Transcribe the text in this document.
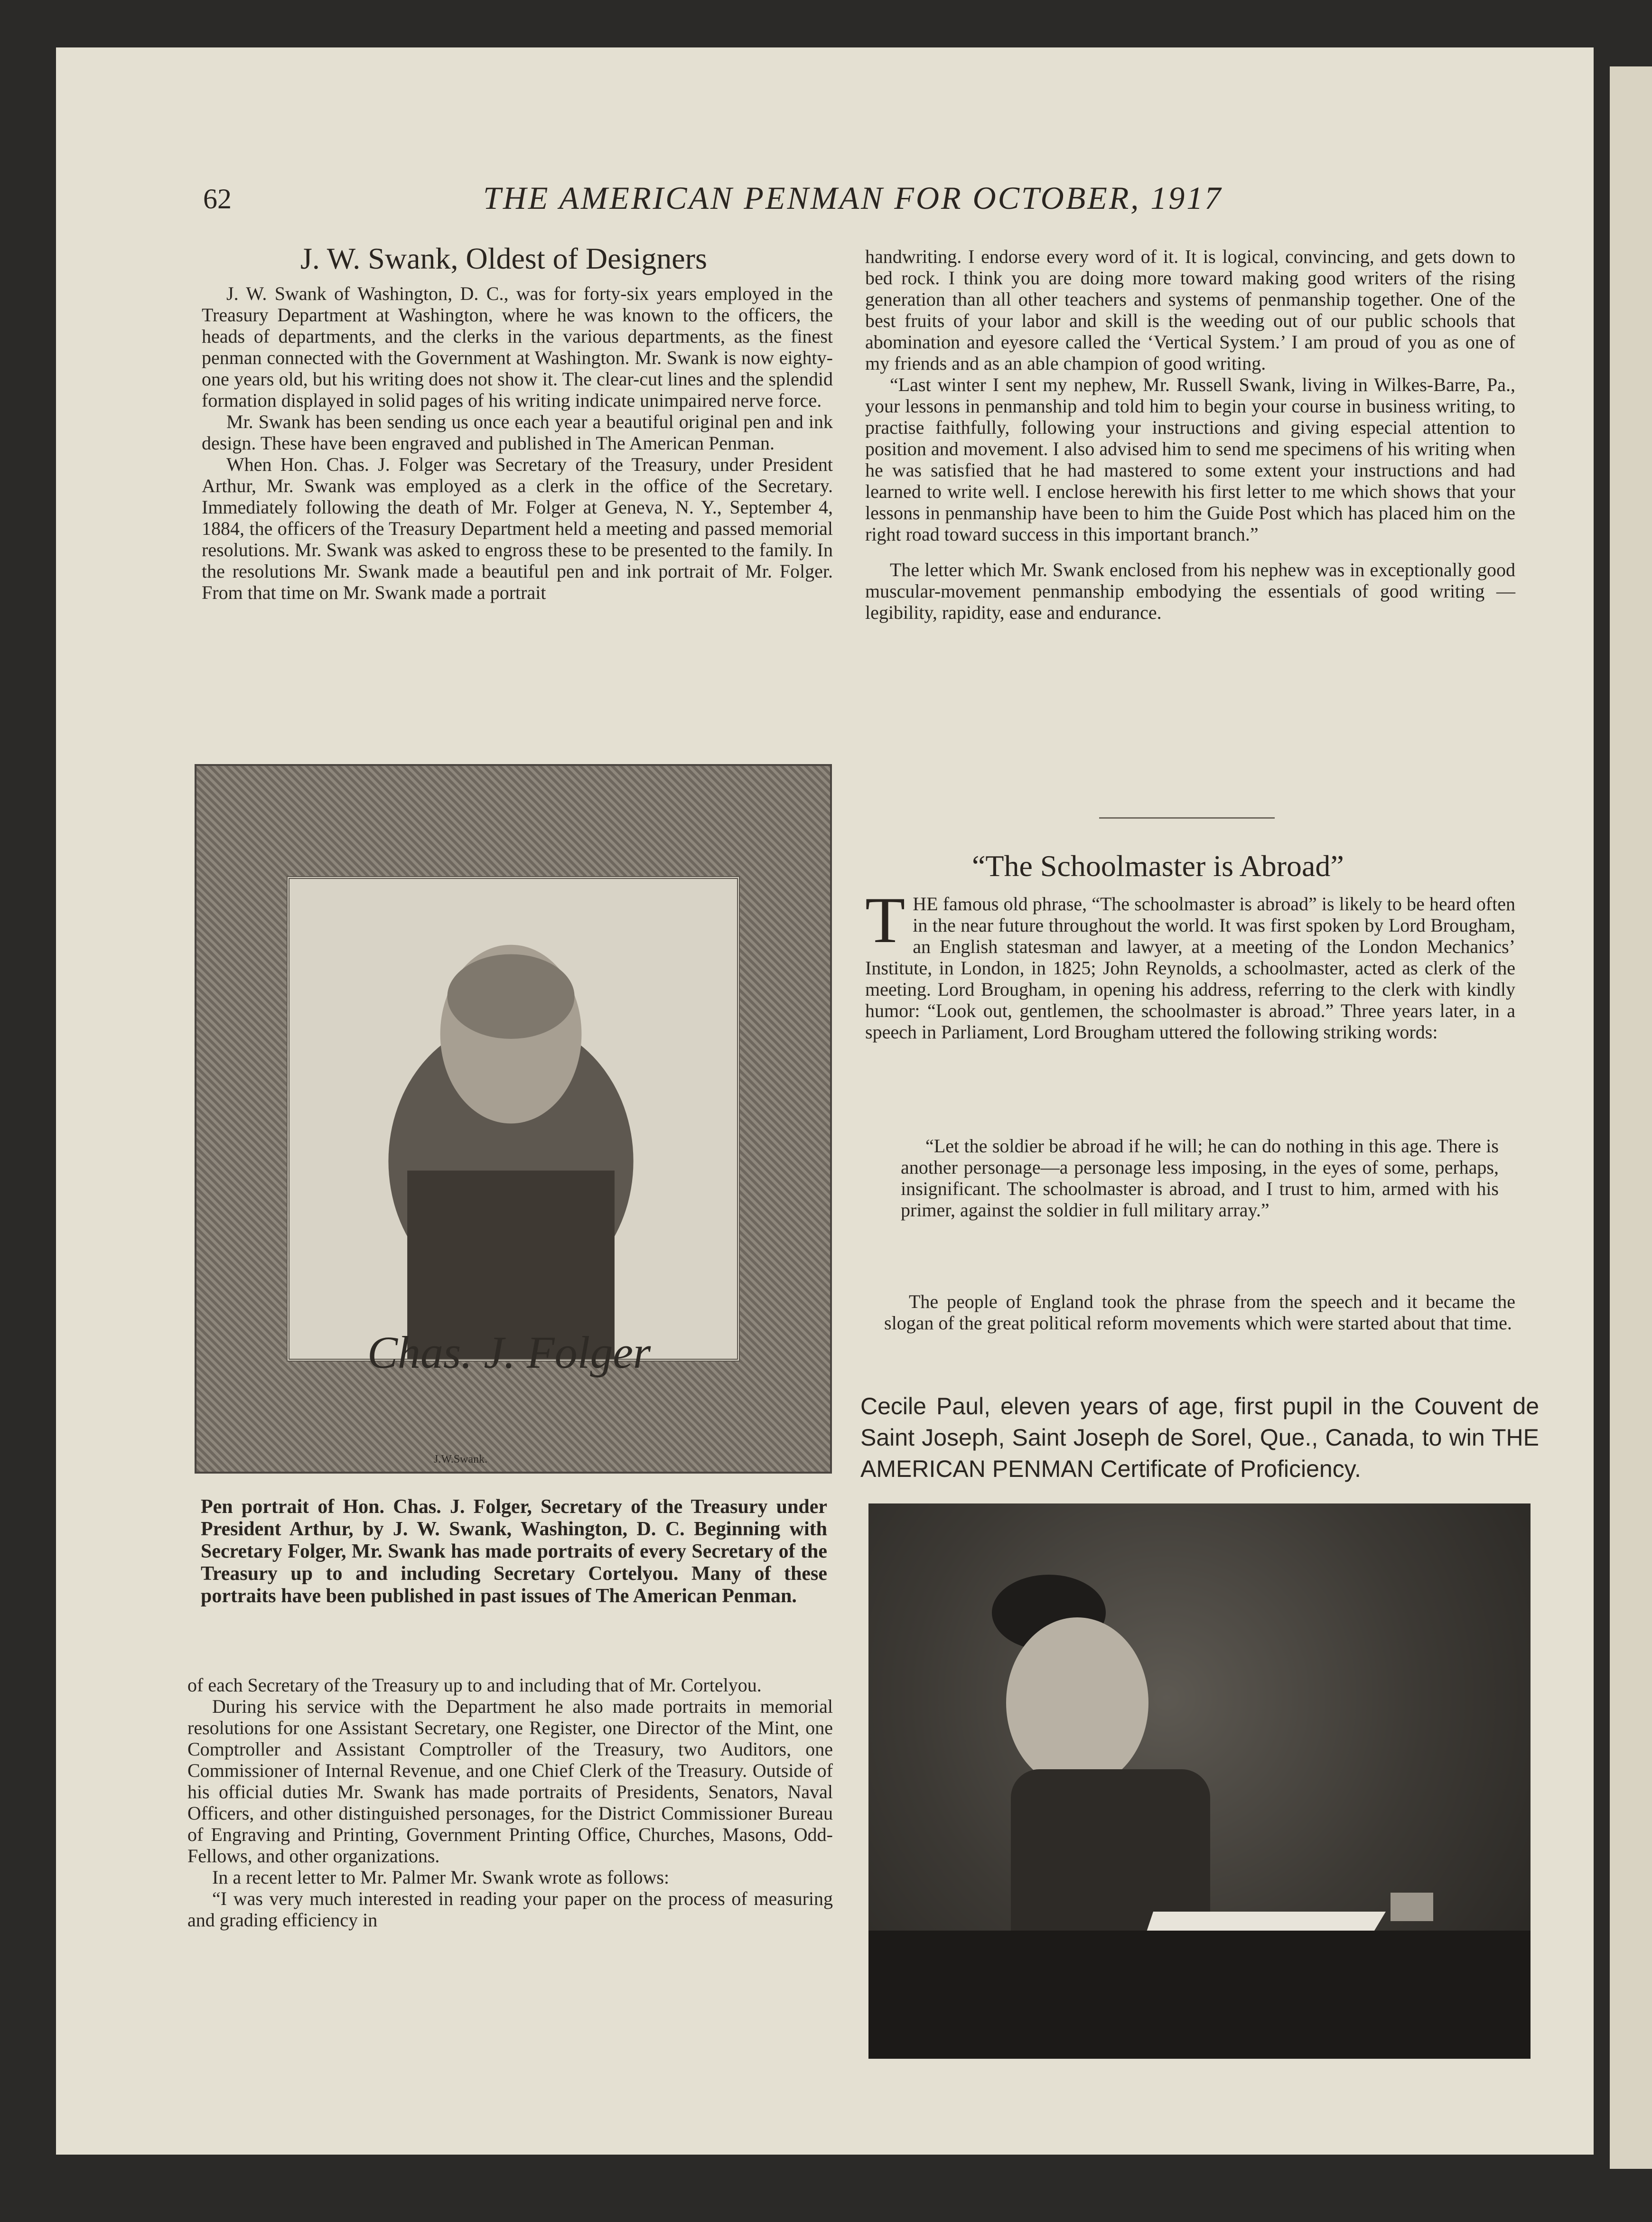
62	THE AMERICAN PENMAN FOR OCTOBER, 1917
J. W. Swank, Oldest of Designers

J. W. Swank of Washington, D. C., was for forty-six years employed in the Treasury Department at Washington, where he was known to the officers, the heads of departments, and the clerks in the various departments, as the finest penman connected with the Government at Washington. Mr. Swank is now eighty-one years old, but his writing does not show it. The clear-cut lines and the splendid formation displayed in solid pages of his writing indicate unimpaired nerve force.

Mr. Swank has been sending us once each year a beautiful original pen and ink design. These have been engraved and published in The American Penman.

When Hon. Chas. J. Folger was Secretary of the Treasury, under President Arthur, Mr. Swank was employed as a clerk in the office of the Secretary. Immediately following the death of Mr. Folger at Geneva, N. Y., September 4, 1884, the officers of the Treasury Department held a meeting and passed memorial resolutions. Mr. Swank was asked to engross these to be presented to the family. In the resolutions Mr. Swank made a beautiful pen and ink portrait of Mr. Folger. From that time on Mr. Swank made a portrait

Chas. J. Folger
J.W.Swank.
Pen portrait of Hon. Chas. J. Folger, Secretary of the Treasury under President Arthur, by J. W. Swank, Washington, D. C. Beginning with Secretary Folger, Mr. Swank has made portraits of every Secretary of the Treasury up to and including Secretary Cortelyou. Many of these portraits have been published in past issues of The American Penman.

of each Secretary of the Treasury up to and including that of Mr. Cortelyou.

During his service with the Department he also made portraits in memorial resolutions for one Assistant Secretary, one Register, one Director of the Mint, one Comptroller and Assistant Comptroller of the Treasury, two Auditors, one Commissioner of Internal Revenue, and one Chief Clerk of the Treasury. Outside of his official duties Mr. Swank has made portraits of Presidents, Senators, Naval Officers, and other distinguished personages, for the District Commissioner Bureau of Engraving and Printing, Government Printing Office, Churches, Masons, Odd-Fellows, and other organizations.

In a recent letter to Mr. Palmer Mr. Swank wrote as follows:

“I was very much interested in reading your paper on the process of measuring and grading efficiency in

handwriting. I endorse every word of it. It is logical, convincing, and gets down to bed rock. I think you are doing more toward making good writers of the rising generation than all other teachers and systems of penmanship together. One of the best fruits of your labor and skill is the weeding out of our public schools that abomination and eyesore called the ‘Vertical System.’ I am proud of you as one of my friends and as an able champion of good writing.

“Last winter I sent my nephew, Mr. Russell Swank, living in Wilkes-Barre, Pa., your lessons in penmanship and told him to begin your course in business writing, to practise faithfully, following your instructions and giving especial attention to position and movement. I also advised him to send me specimens of his writing when he was satisfied that he had mastered to some extent your instructions and had learned to write well. I enclose herewith his first letter to me which shows that your lessons in penmanship have been to him the Guide Post which has placed him on the right road toward success in this important branch.”

The letter which Mr. Swank enclosed from his nephew was in exceptionally good muscular-movement penmanship embodying the essentials of good writing —legibility, rapidity, ease and endurance.

“The Schoolmaster is Abroad”

THE famous old phrase, “The schoolmaster is abroad” is likely to be heard often in the near future throughout the world. It was first spoken by Lord Brougham, an English statesman and lawyer, at a meeting of the London Mechanics’ Institute, in London, in 1825; John Reynolds, a schoolmaster, acted as clerk of the meeting. Lord Brougham, in opening his address, referring to the clerk with kindly humor: “Look out, gentlemen, the schoolmaster is abroad.” Three years later, in a speech in Parliament, Lord Brougham uttered the following striking words:

“Let the soldier be abroad if he will; he can do nothing in this age. There is another personage—a personage less imposing, in the eyes of some, perhaps, insignificant. The schoolmaster is abroad, and I trust to him, armed with his primer, against the soldier in full military array.”

The people of England took the phrase from the speech and it became the slogan of the great political reform movements which were started about that time.

Cecile Paul, eleven years of age, first pupil in the Couvent de Saint Joseph, Saint Joseph de Sorel, Que., Canada, to win THE AMERICAN PENMAN Certificate of Proficiency.
